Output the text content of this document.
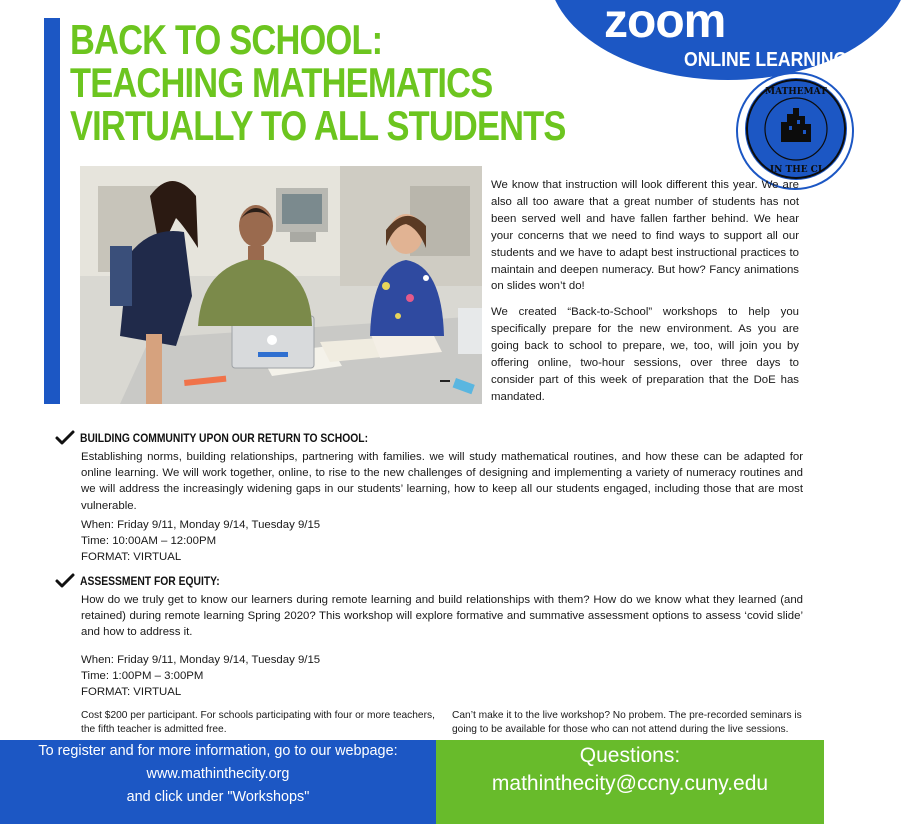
zoom
ONLINE LEARNING
MATHEMAT
IN THE CI
BACK TO SCHOOL:
TEACHING MATHEMATICS
VIRTUALLY TO ALL STUDENTS

We know that instruction will look different this year. We are also all too aware that a great number of students has not been served well and have fallen farther behind. We hear your concerns that we need to find ways to support all our students and we have to adapt best instructional practices to maintain and deepen numeracy. But how? Fancy animations on slides won’t do!

We created “Back-to-School” workshops to help you specifically prepare for the new environment. As you are going back to school to prepare, we, too, will join you by offering online, two-hour sessions, over three days to consider part of this week of preparation that the DoE has mandated.

BUILDING COMMUNITY UPON OUR RETURN TO SCHOOL:
Establishing norms, building relationships, partnering with families. we will study mathematical routines, and how these can be adapted for online learning. We will work together, online, to rise to the new challenges of designing and implementing a variety of numeracy routines and we will address the increasingly widening gaps in our students’ learning, how to keep all our students engaged, including those that are most vulnerable.
When: Friday 9/11, Monday 9/14, Tuesday 9/15
Time: 10:00AM – 12:00PM
FORMAT: VIRTUAL
ASSESSMENT FOR EQUITY:
How do we truly get to know our learners during remote learning and build relationships with them? How do we know what they learned (and retained) during remote learning Spring 2020? This workshop will explore formative and summative assessment options to assess ‘covid slide’ and how to address it.
When: Friday 9/11, Monday 9/14, Tuesday 9/15
Time: 1:00PM – 3:00PM
FORMAT: VIRTUAL
Cost $200 per participant. For schools participating with four or more teachers, the fifth teacher is admitted free.
Can’t make it to the live workshop? No probem. The pre-recorded seminars is going to be available for those who can not attend during the live sessions.
To register and for more information, go to our webpage:
www.mathinthecity.org
and click under "Workshops"
Questions:
mathinthecity@ccny.cuny.edu
